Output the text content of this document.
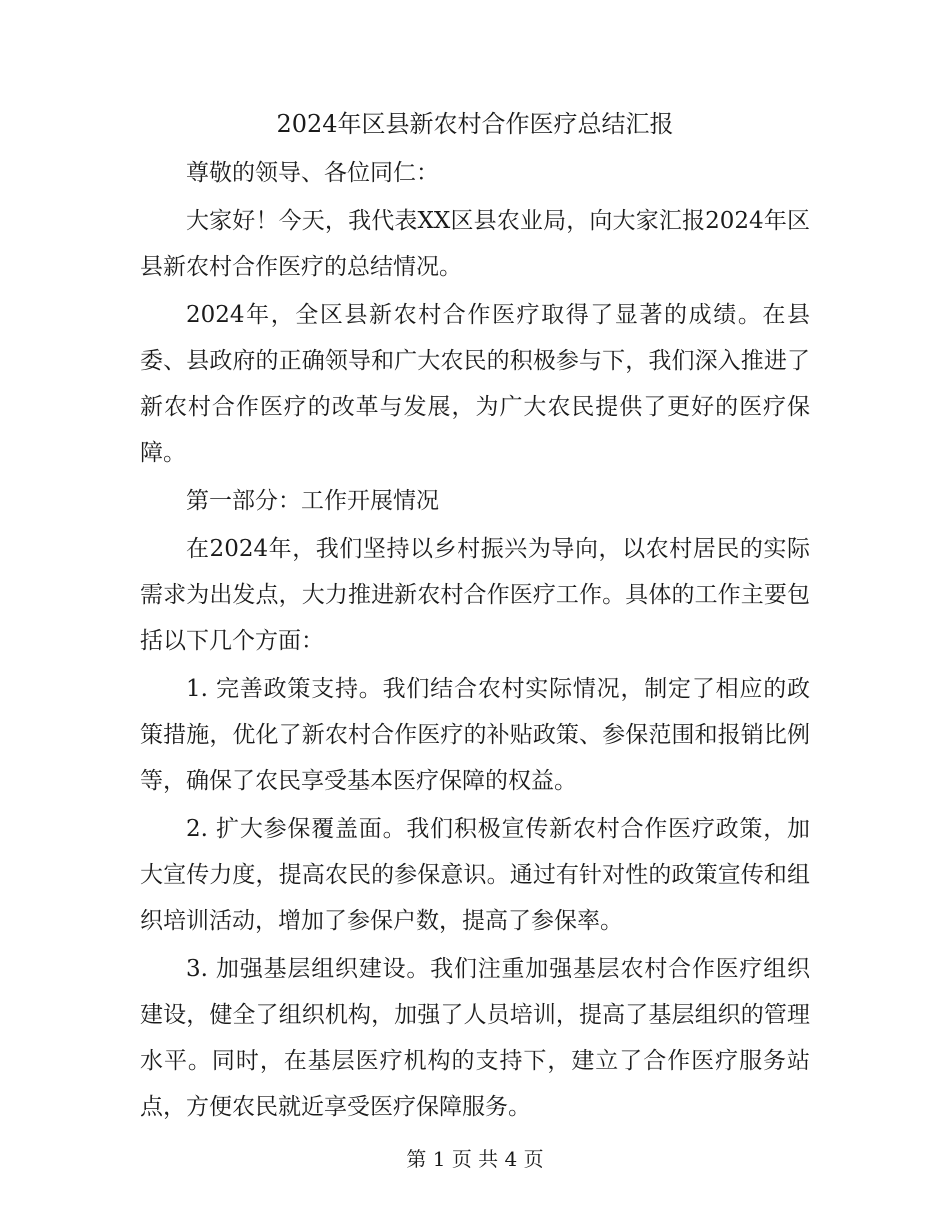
2024年区县新农村合作医疗总结汇报

尊敬的领导、各位同仁：

大家好！今天，我代表XX区县农业局，向大家汇报2024年区县新农村合作医疗的总结情况。

2024年，全区县新农村合作医疗取得了显著的成绩。在县委、县政府的正确领导和广大农民的积极参与下，我们深入推进了新农村合作医疗的改革与发展，为广大农民提供了更好的医疗保障。

第一部分：工作开展情况

在2024年，我们坚持以乡村振兴为导向，以农村居民的实际需求为出发点，大力推进新农村合作医疗工作。具体的工作主要包括以下几个方面：

1. 完善政策支持。我们结合农村实际情况，制定了相应的政策措施，优化了新农村合作医疗的补贴政策、参保范围和报销比例等，确保了农民享受基本医疗保障的权益。

2. 扩大参保覆盖面。我们积极宣传新农村合作医疗政策，加大宣传力度，提高农民的参保意识。通过有针对性的政策宣传和组织培训活动，增加了参保户数，提高了参保率。

3. 加强基层组织建设。我们注重加强基层农村合作医疗组织建设，健全了组织机构，加强了人员培训，提高了基层组织的管理水平。同时，在基层医疗机构的支持下，建立了合作医疗服务站点，方便农民就近享受医疗保障服务。

第 1 页 共 4 页
